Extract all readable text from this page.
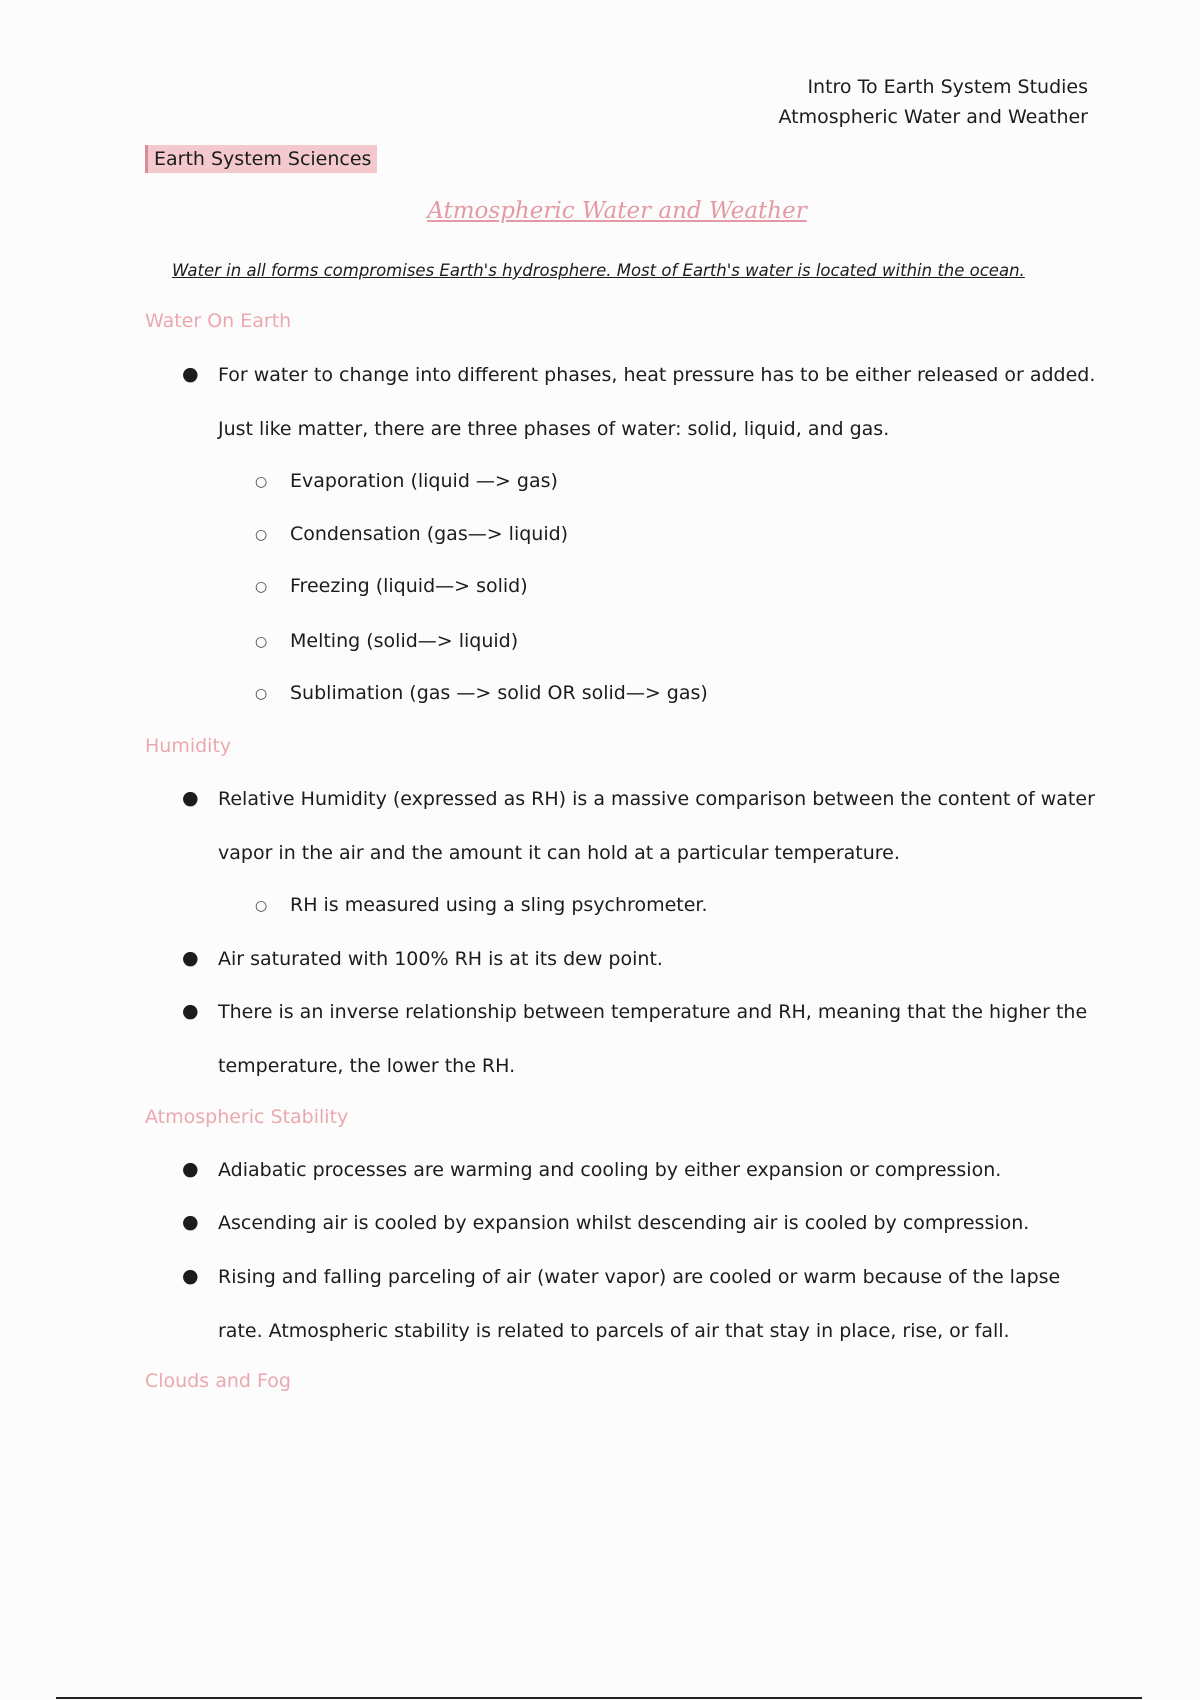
Intro To Earth System Studies
Atmospheric Water and Weather
Earth System Sciences
Atmospheric Water and Weather
Water in all forms compromises Earth's hydrosphere. Most of Earth's water is located within the ocean.
Water On Earth
● For water to change into different phases, heat pressure has to be either released or added. Just like matter, there are three phases of water: solid, liquid, and gas.
○ Evaporation (liquid —> gas)
○ Condensation (gas—> liquid)
○ Freezing (liquid—> solid)
○ Melting (solid—> liquid)
○ Sublimation (gas —> solid OR solid—> gas)
Humidity
● Relative Humidity (expressed as RH) is a massive comparison between the content of water vapor in the air and the amount it can hold at a particular temperature.
○ RH is measured using a sling psychrometer.
● Air saturated with 100% RH is at its dew point.
● There is an inverse relationship between temperature and RH, meaning that the higher the temperature, the lower the RH.
Atmospheric Stability
● Adiabatic processes are warming and cooling by either expansion or compression.
● Ascending air is cooled by expansion whilst descending air is cooled by compression.
● Rising and falling parceling of air (water vapor) are cooled or warm because of the lapse rate. Atmospheric stability is related to parcels of air that stay in place, rise, or fall.
Clouds and Fog
